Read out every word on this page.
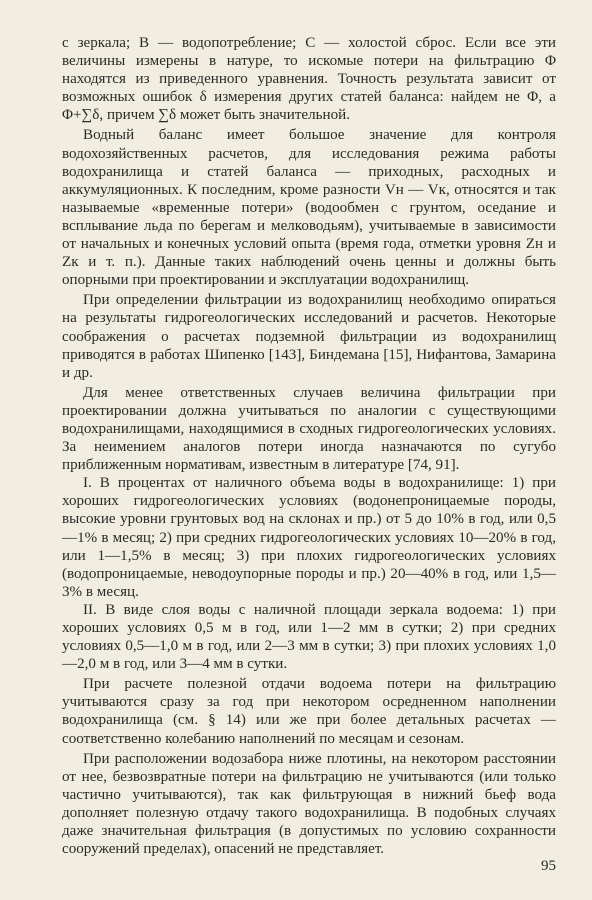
с зеркала; B — водопотребление; C — холостой сброс. Если все эти величины измерены в натуре, то искомые потери на фильтрацию Φ находятся из приведенного уравнения. Точность результата зависит от возможных ошибок δ измерения других статей баланса: найдем не Φ, а Φ+∑δ, причем ∑δ может быть значительной.

Водный баланс имеет большое значение для контроля водохозяйственных расчетов, для исследования режима работы водохранилища и статей баланса — приходных, расходных и аккумуляционных. К последним, кроме разности Vн — Vк, относятся и так называемые «временные потери» (водообмен с грунтом, оседание и всплывание льда по берегам и мелководьям), учитываемые в зависимости от начальных и конечных условий опыта (время года, отметки уровня Zн и Zк и т. п.). Данные таких наблюдений очень ценны и должны быть опорными при проектировании и эксплуатации водохранилищ.

При определении фильтрации из водохранилищ необходимо опираться на результаты гидрогеологических исследований и расчетов. Некоторые соображения о расчетах подземной фильтрации из водохранилищ приводятся в работах Шипенко [143], Биндемана [15], Нифантова, Замарина и др.

Для менее ответственных случаев величина фильтрации при проектировании должна учитываться по аналогии с существующими водохранилищами, находящимися в сходных гидрогеологических условиях. За неимением аналогов потери иногда назначаются по сугубо приближенным нормативам, известным в литературе [74, 91].

I. В процентах от наличного объема воды в водохранилище: 1) при хороших гидрогеологических условиях (водонепроницаемые породы, высокие уровни грунтовых вод на склонах и пр.) от 5 до 10% в год, или 0,5—1% в месяц; 2) при средних гидрогеологических условиях 10—20% в год, или 1—1,5% в месяц; 3) при плохих гидрогеологических условиях (водопроницаемые, неводоупорные породы и пр.) 20—40% в год, или 1,5—3% в месяц.

II. В виде слоя воды с наличной площади зеркала водоема: 1) при хороших условиях 0,5 м в год, или 1—2 мм в сутки; 2) при средних условиях 0,5—1,0 м в год, или 2—3 мм в сутки; 3) при плохих условиях 1,0—2,0 м в год, или 3—4 мм в сутки.

При расчете полезной отдачи водоема потери на фильтрацию учитываются сразу за год при некотором осредненном наполнении водохранилища (см. § 14) или же при более детальных расчетах — соответственно колебанию наполнений по месяцам и сезонам.

При расположении водозабора ниже плотины, на некотором расстоянии от нее, безвозвратные потери на фильтрацию не учитываются (или только частично учитываются), так как фильтрующая в нижний бьеф вода дополняет полезную отдачу такого водохранилища. В подобных случаях даже значительная фильтрация (в допустимых по условию сохранности сооружений пределах), опасений не представляет.

95
